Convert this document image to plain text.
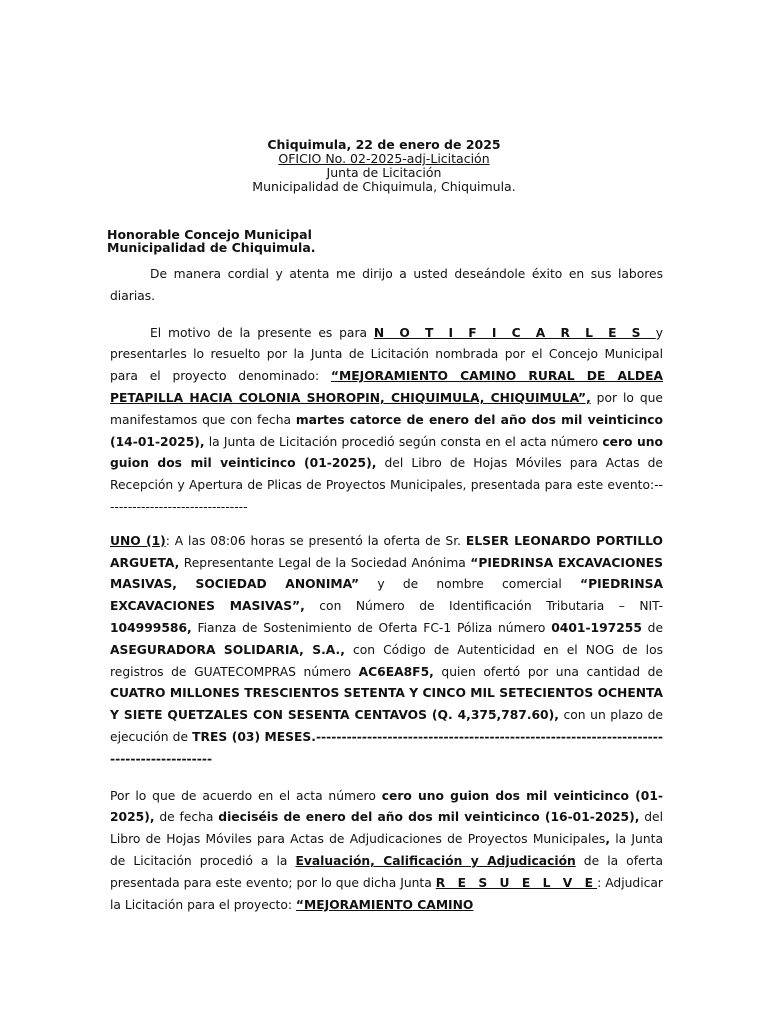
Chiquimula, 22 de enero de 2025
OFICIO No. 02-2025-adj-Licitación
Junta de Licitación
Municipalidad de Chiquimula, Chiquimula.
Honorable Concejo Municipal
Municipalidad de Chiquimula.

De manera cordial y atenta me dirijo a usted deseándole éxito en sus labores diarias.

El motivo de la presente es para N O T I F I C A R L E S y presentarles lo resuelto por la Junta de Licitación nombrada por el Concejo Municipal para el proyecto denominado: “MEJORAMIENTO CAMINO RURAL DE ALDEA PETAPILLA HACIA COLONIA SHOROPIN, CHIQUIMULA, CHIQUIMULA”, por lo que manifestamos que con fecha martes catorce de enero del año dos mil veinticinco (14-01-2025), la Junta de Licitación procedió según consta en el acta número cero uno guion dos mil veinticinco (01-2025), del Libro de Hojas Móviles para Actas de Recepción y Apertura de Plicas de Proyectos Municipales, presentada para este evento:---------------------------------

UNO (1): A las 08:06 horas se presentó la oferta de Sr. ELSER LEONARDO PORTILLO ARGUETA, Representante Legal de la Sociedad Anónima “PIEDRINSA EXCAVACIONES MASIVAS, SOCIEDAD ANONIMA” y de nombre comercial “PIEDRINSA EXCAVACIONES MASIVAS”, con Número de Identificación Tributaria – NIT- 104999586, Fianza de Sostenimiento de Oferta FC-1 Póliza número 0401-197255 de ASEGURADORA SOLIDARIA, S.A., con Código de Autenticidad en el NOG de los registros de GUATECOMPRAS número AC6EA8F5, quien ofertó por una cantidad de CUATRO MILLONES TRESCIENTOS SETENTA Y CINCO MIL SETECIENTOS OCHENTA Y SIETE QUETZALES CON SESENTA CENTAVOS (Q. 4,375,787.60), con un plazo de ejecución de TRES (03) MESES.----------------------------------------------------------------------------------------

Por lo que de acuerdo en el acta número cero uno guion dos mil veinticinco (01-2025), de fecha dieciséis de enero del año dos mil veinticinco (16-01-2025), del Libro de Hojas Móviles para Actas de Adjudicaciones de Proyectos Municipales, la Junta de Licitación procedió a la Evaluación, Calificación y Adjudicación de la oferta presentada para este evento; por lo que dicha Junta R E S U E L V E: Adjudicar la Licitación para el proyecto: “MEJORAMIENTO CAMINO
